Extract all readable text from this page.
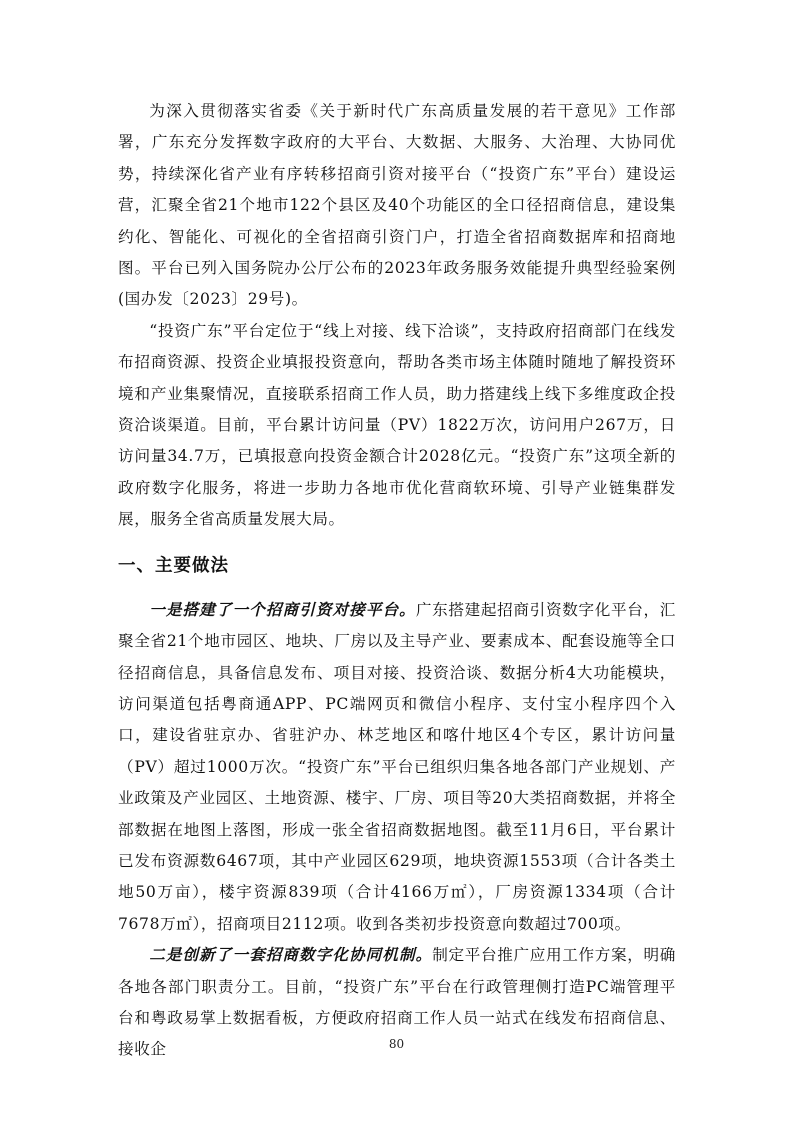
为深入贯彻落实省委《关于新时代广东高质量发展的若干意见》工作部署，广东充分发挥数字政府的大平台、大数据、大服务、大治理、大协同优势，持续深化省产业有序转移招商引资对接平台（“投资广东”平台）建设运营，汇聚全省21个地市122个县区及40个功能区的全口径招商信息，建设集约化、智能化、可视化的全省招商引资门户，打造全省招商数据库和招商地图。平台已列入国务院办公厅公布的2023年政务服务效能提升典型经验案例(国办发〔2023〕29号)。

“投资广东”平台定位于“线上对接、线下洽谈”，支持政府招商部门在线发布招商资源、投资企业填报投资意向，帮助各类市场主体随时随地了解投资环境和产业集聚情况，直接联系招商工作人员，助力搭建线上线下多维度政企投资洽谈渠道。目前，平台累计访问量（PV）1822万次，访问用户267万，日访问量34.7万，已填报意向投资金额合计2028亿元。“投资广东”这项全新的政府数字化服务，将进一步助力各地市优化营商软环境、引导产业链集群发展，服务全省高质量发展大局。

一、主要做法

一是搭建了一个招商引资对接平台。广东搭建起招商引资数字化平台，汇聚全省21个地市园区、地块、厂房以及主导产业、要素成本、配套设施等全口径招商信息，具备信息发布、项目对接、投资洽谈、数据分析4大功能模块，访问渠道包括粤商通APP、PC端网页和微信小程序、支付宝小程序四个入口，建设省驻京办、省驻沪办、林芝地区和喀什地区4个专区，累计访问量（PV）超过1000万次。“投资广东”平台已组织归集各地各部门产业规划、产业政策及产业园区、土地资源、楼宇、厂房、项目等20大类招商数据，并将全部数据在地图上落图，形成一张全省招商数据地图。截至11月6日，平台累计已发布资源数6467项，其中产业园区629项，地块资源1553项（合计各类土地50万亩），楼宇资源839项（合计4166万㎡），厂房资源1334项（合计7678万㎡），招商项目2112项。收到各类初步投资意向数超过700项。

二是创新了一套招商数字化协同机制。制定平台推广应用工作方案，明确各地各部门职责分工。目前，“投资广东”平台在行政管理侧打造PC端管理平台和粤政易掌上数据看板，方便政府招商工作人员一站式在线发布招商信息、接收企	80
